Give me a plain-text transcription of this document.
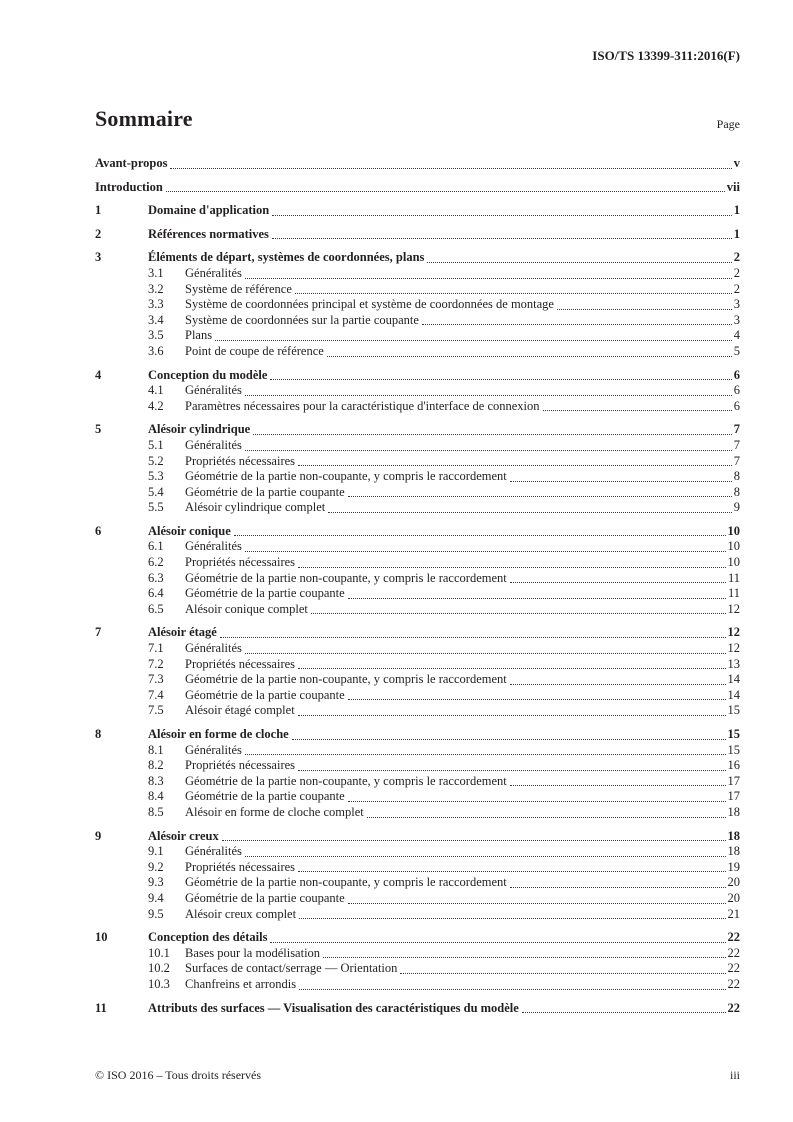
ISO/TS 13399-311:2016(F)
Sommaire	Page
Avant-propos	v
Introduction	vii
1	Domaine d'application	1
2	Références normatives	1
3	Éléments de départ, systèmes de coordonnées, plans	2
3.1	Généralités	2
3.2	Système de référence	2
3.3	Système de coordonnées principal et système de coordonnées de montage	3
3.4	Système de coordonnées sur la partie coupante	3
3.5	Plans	4
3.6	Point de coupe de référence	5
4	Conception du modèle	6
4.1	Généralités	6
4.2	Paramètres nécessaires pour la caractéristique d'interface de connexion	6
5	Alésoir cylindrique	7
5.1	Généralités	7
5.2	Propriétés nécessaires	7
5.3	Géométrie de la partie non-coupante, y compris le raccordement	8
5.4	Géométrie de la partie coupante	8
5.5	Alésoir cylindrique complet	9
6	Alésoir conique	10
6.1	Généralités	10
6.2	Propriétés nécessaires	10
6.3	Géométrie de la partie non-coupante, y compris le raccordement	11
6.4	Géométrie de la partie coupante	11
6.5	Alésoir conique complet	12
7	Alésoir étagé	12
7.1	Généralités	12
7.2	Propriétés nécessaires	13
7.3	Géométrie de la partie non-coupante, y compris le raccordement	14
7.4	Géométrie de la partie coupante	14
7.5	Alésoir étagé complet	15
8	Alésoir en forme de cloche	15
8.1	Généralités	15
8.2	Propriétés nécessaires	16
8.3	Géométrie de la partie non-coupante, y compris le raccordement	17
8.4	Géométrie de la partie coupante	17
8.5	Alésoir en forme de cloche complet	18
9	Alésoir creux	18
9.1	Généralités	18
9.2	Propriétés nécessaires	19
9.3	Géométrie de la partie non-coupante, y compris le raccordement	20
9.4	Géométrie de la partie coupante	20
9.5	Alésoir creux complet	21
10	Conception des détails	22
10.1	Bases pour la modélisation	22
10.2	Surfaces de contact/serrage — Orientation	22
10.3	Chanfreins et arrondis	22
11	Attributs des surfaces — Visualisation des caractéristiques du modèle	22
© ISO 2016 – Tous droits réservés	iii
